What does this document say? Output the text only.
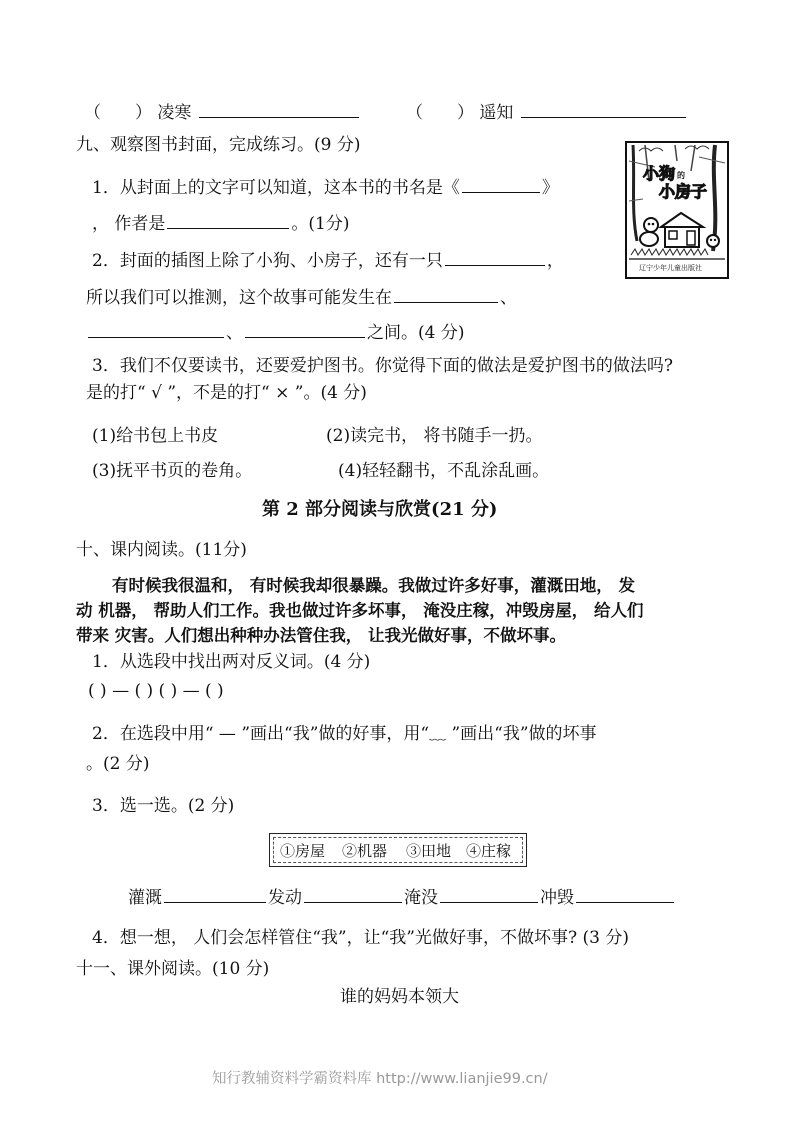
（　　） 凌寒	（　　） 遥知
九、观察图书封面，完成练习。(9 分)
1．从封面上的文字可以知道，这本书的书名是《	》
， 作者是	。(1分)
2．封面的插图上除了小狗、小房子，还有一只	，
所以我们可以推测，这个故事可能发生在	、
、	之间。(4 分)
3．我们不仅要读书，还要爱护图书。你觉得下面的做法是爱护图书的做法吗?
是的打“ √ ”，不是的打“ × ”。(4 分)
(1)给书包上书皮	(2)读完书， 将书随手一扔。
(3)抚平书页的卷角。	(4)轻轻翻书，不乱涂乱画。
小狗 的
小房子
辽宁少年儿童出版社
第 2 部分阅读与欣赏(21 分)
十、课内阅读。(11分)
有时候我很温和， 有时候我却很暴躁。我做过许多好事，灌溉田地， 发
动 机器， 帮助人们工作。我也做过许多坏事， 淹没庄稼，冲毁房屋， 给人们
带来 灾害。人们想出种种办法管住我， 让我光做好事，不做坏事。
1．从选段中找出两对反义词。(4 分)
( ) — ( ) ( ) — ( )
2．在选段中用“ — ”画出“我”做的好事，用“﹏ ”画出“我”做的坏事
。(2 分)
3．选一选。(2 分)
①房屋 ②机器 ③田地 ④庄稼
灌溉	发动	淹没	冲毁
4．想一想， 人们会怎样管住“我”，让“我”光做好事，不做坏事? (3 分)
十一、课外阅读。(10 分)
谁的妈妈本领大
知行教辅资料学霸资料库 http://www.lianjie99.cn/
